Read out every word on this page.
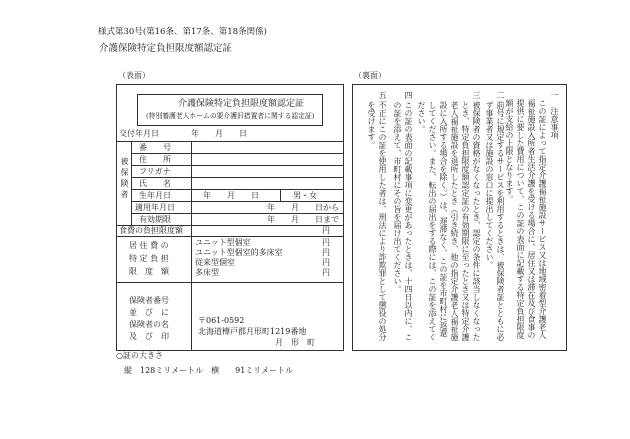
様式第30号(第16条、第17条、第18条関係)
介護保険特定負担限度額認定証
（表面）	（裏面）
介護保険特定負担限度額認定証
(特別養護老人ホームの要介護旧措置者に関する認定証)
交付年月日	年　　月　　日
被保険者
番　　号
住　　所
フリガナ
氏　　名
生年月日	年　　月　　日	男・女
適用年月日	年　　月　　日から
有効期限	年　　月　　日まで
食費の負担限度額	円
居 住 費 の
特 定 負 担
限　度　額
ユニット型個室	円
ユニット型個室的多床室	円
従来型個室	円
多床型	円
保険者番号
並　び　に
保険者の名
及　び　印
〒061-0592
北海道樺戸郡月形町1219番地
月　形　町
○証の大きさ
縦　128ミリメートル　横　　91ミリメートル
一　注意事項
この証によって指定介護福祉施設サービス又は地域密着型介護老人福祉施設入所者生活介護を受ける場合に、居住又は滞在及び食事の提供に要した費用について、この証の表面に記載する特定負担限度額が支給の上限となります。
二
前号に規定するサービスを利用するときは、被保険者証とともに必ず事業者又は施設の窓口に提出してください。
三
被保険者の資格がなくなったとき、認定の条件に該当しなくなったとき、特定負担限度額認定証の有効期限に至ったとき又は特定介護老人福祉施設を退所したとき（引き続き、他の指定介護老人福祉施設に入所する場合を除く。）は、遅滞なく、この証を市町村に返還してください。また、転出の届出をする際には、この証を添えてください。
四
この証の表面の記載事項に変更があったときは、十四日以内に、この証を添えて、市町村にその旨を届け出てください。
五
不正にこの証を使用した者は、刑法により詐欺罪として懲役の処分を受けます。
